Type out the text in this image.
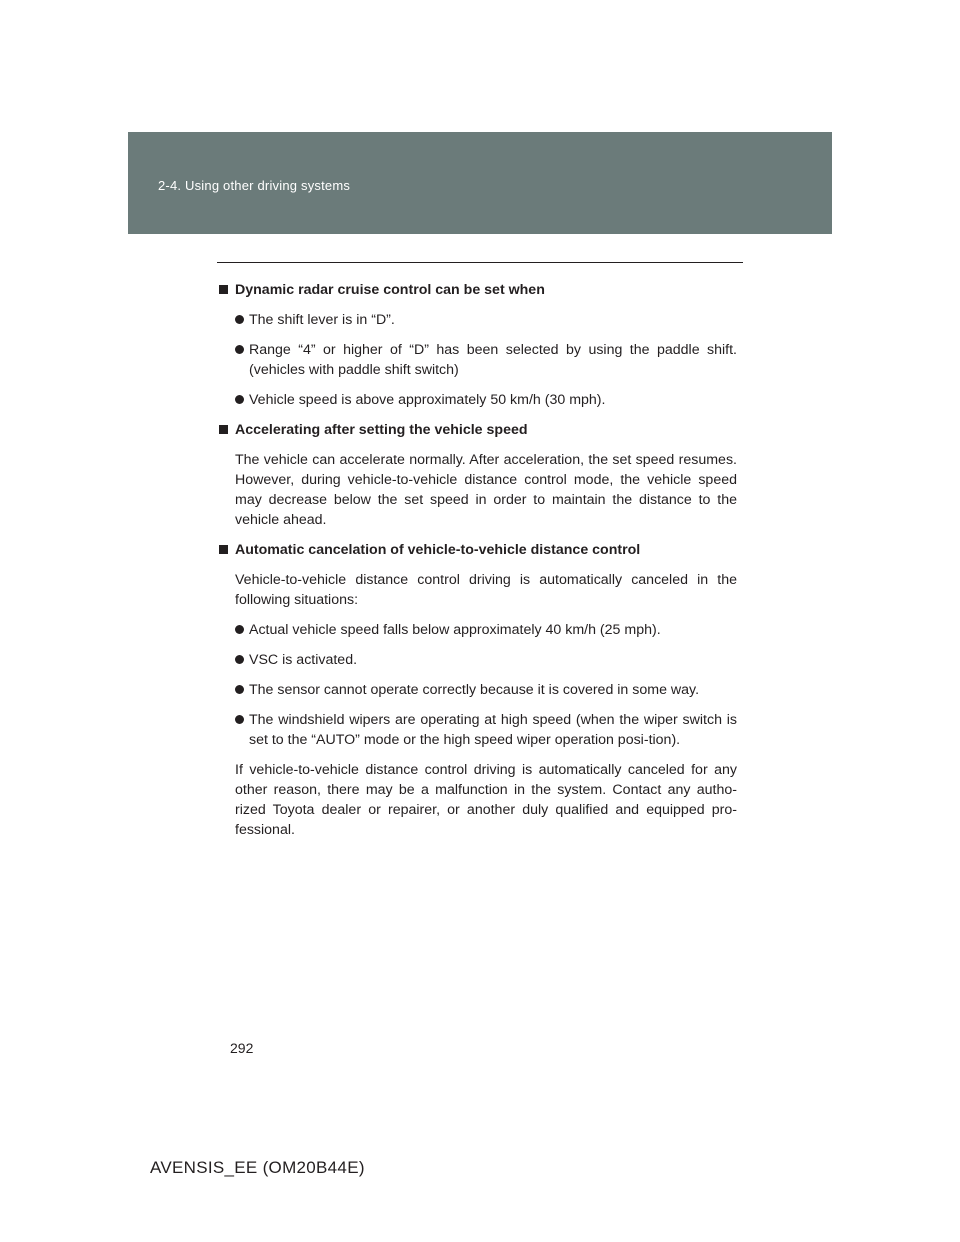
2-4. Using other driving systems
Dynamic radar cruise control can be set when
The shift lever is in “D”.
Range “4” or higher of “D” has been selected by using the paddle shift. (vehicles with paddle shift switch)
Vehicle speed is above approximately 50 km/h (30 mph).
Accelerating after setting the vehicle speed
The vehicle can accelerate normally. After acceleration, the set speed resumes. However, during vehicle-to-vehicle distance control mode, the vehicle speed may decrease below the set speed in order to maintain the distance to the vehicle ahead.
Automatic cancelation of vehicle-to-vehicle distance control
Vehicle-to-vehicle distance control driving is automatically canceled in the following situations:
Actual vehicle speed falls below approximately 40 km/h (25 mph).
VSC is activated.
The sensor cannot operate correctly because it is covered in some way.
The windshield wipers are operating at high speed (when the wiper switch is set to the “AUTO” mode or the high speed wiper operation posi-tion).
If vehicle-to-vehicle distance control driving is automatically canceled for any other reason, there may be a malfunction in the system. Contact any autho-rized Toyota dealer or repairer, or another duly qualified and equipped pro-fessional.
292
AVENSIS_EE (OM20B44E)
